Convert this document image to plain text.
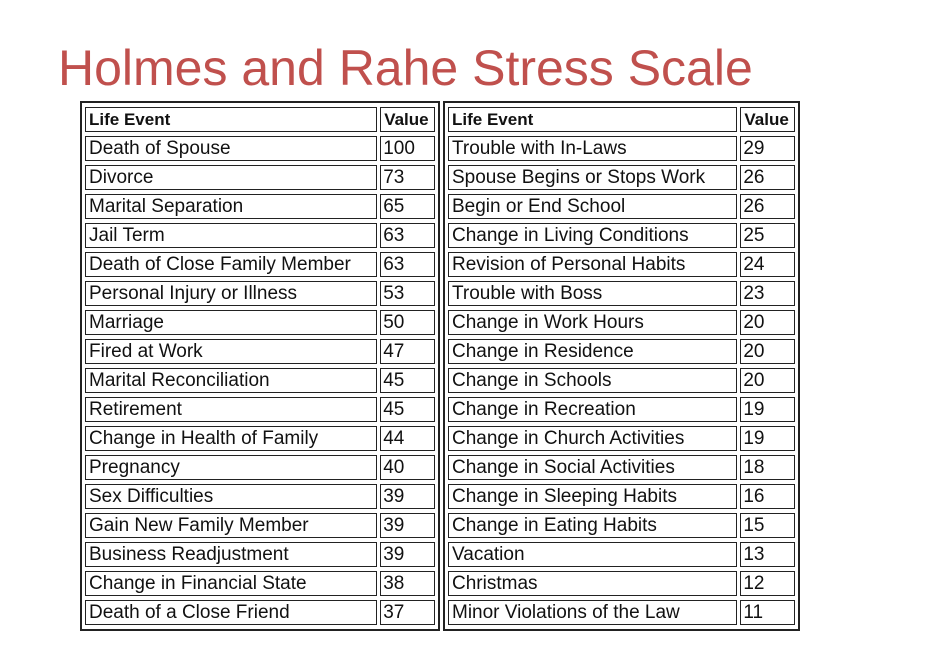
Holmes and Rahe Stress Scale
Life Event	Value
Death of Spouse	100
Divorce	73
Marital Separation	65
Jail Term	63
Death of Close Family Member	63
Personal Injury or Illness	53
Marriage	50
Fired at Work	47
Marital Reconciliation	45
Retirement	45
Change in Health of Family	44
Pregnancy	40
Sex Difficulties	39
Gain New Family Member	39
Business Readjustment	39
Change in Financial State	38
Death of a Close Friend	37
Life Event	Value
Trouble with In-Laws	29
Spouse Begins or Stops Work	26
Begin or End School	26
Change in Living Conditions	25
Revision of Personal Habits	24
Trouble with Boss	23
Change in Work Hours	20
Change in Residence	20
Change in Schools	20
Change in Recreation	19
Change in Church Activities	19
Change in Social Activities	18
Change in Sleeping Habits	16
Change in Eating Habits	15
Vacation	13
Christmas	12
Minor Violations of the Law	11
